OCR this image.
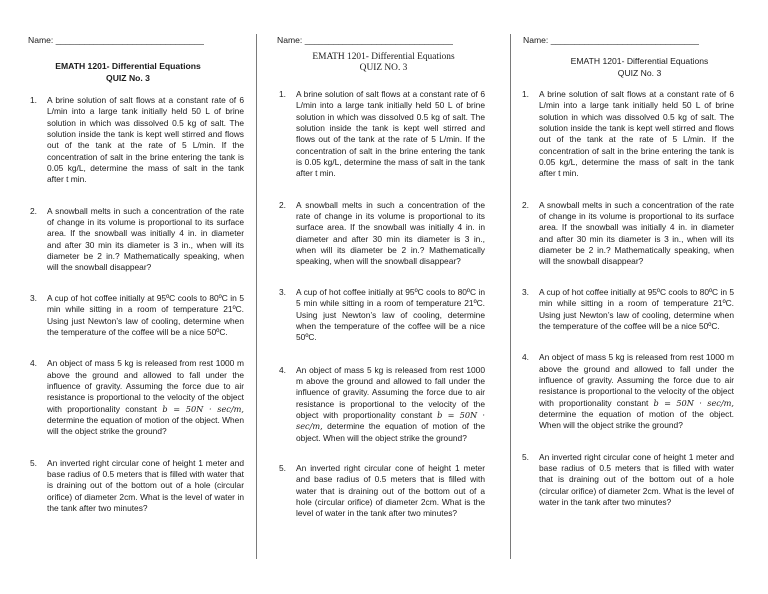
Name: _______________________________
EMATH 1201- Differential Equations
QUIZ No. 3
1. A brine solution of salt flows at a constant rate of 6 L/min into a large tank initially held 50 L of brine solution in which was dissolved 0.5 kg of salt. The solution inside the tank is kept well stirred and flows out of the tank at the rate of 5 L/min. If the concentration of salt in the brine entering the tank is 0.05 kg/L, determine the mass of salt in the tank after t min.
2. A snowball melts in such a concentration of the rate of change in its volume is proportional to its surface area. If the snowball was initially 4 in. in diameter and after 30 min its diameter is 3 in., when will its diameter be 2 in.? Mathematically speaking, when will the snowball disappear?
3. A cup of hot coffee initially at 95ºC cools to 80ºC in 5 min while sitting in a room of temperature 21ºC. Using just Newton’s law of cooling, determine when the temperature of the coffee will be a nice 50ºC.
4. An object of mass 5 kg is released from rest 1000 m above the ground and allowed to fall under the influence of gravity. Assuming the force due to air resistance is proportional to the velocity of the object with proportionality constant b = 50N · sec/m, determine the equation of motion of the object. When will the object strike the ground?
5. An inverted right circular cone of height 1 meter and base radius of 0.5 meters that is filled with water that is draining out of the bottom out of a hole (circular orifice) of diameter 2cm. What is the level of water in the tank after two minutes?
Name: _______________________________
EMATH 1201- Differential Equations
QUIZ NO. 3
1. A brine solution of salt flows at a constant rate of 6 L/min into a large tank initially held 50 L of brine solution in which was dissolved 0.5 kg of salt. The solution inside the tank is kept well stirred and flows out of the tank at the rate of 5 L/min. If the concentration of salt in the brine entering the tank is 0.05 kg/L, determine the mass of salt in the tank after t min.
2. A snowball melts in such a concentration of the rate of change in its volume is proportional to its surface area. If the snowball was initially 4 in. in diameter and after 30 min its diameter is 3 in., when will its diameter be 2 in.? Mathematically speaking, when will the snowball disappear?
3. A cup of hot coffee initially at 95ºC cools to 80ºC in 5 min while sitting in a room of temperature 21ºC. Using just Newton’s law of cooling, determine when the temperature of the coffee will be a nice 50ºC.
4. An object of mass 5 kg is released from rest 1000 m above the ground and allowed to fall under the influence of gravity. Assuming the force due to air resistance is proportional to the velocity of the object with proportionality constant b = 50N · sec/m, determine the equation of motion of the object. When will the object strike the ground?
5. An inverted right circular cone of height 1 meter and base radius of 0.5 meters that is filled with water that is draining out of the bottom out of a hole (circular orifice) of diameter 2cm. What is the level of water in the tank after two minutes?
Name: _______________________________
EMATH 1201- Differential Equations
QUIZ No. 3
1. A brine solution of salt flows at a constant rate of 6 L/min into a large tank initially held 50 L of brine solution in which was dissolved 0.5 kg of salt. The solution inside the tank is kept well stirred and flows out of the tank at the rate of 5 L/min. If the concentration of salt in the brine entering the tank is 0.05 kg/L, determine the mass of salt in the tank after t min.
2. A snowball melts in such a concentration of the rate of change in its volume is proportional to its surface area. If the snowball was initially 4 in. in diameter and after 30 min its diameter is 3 in., when will its diameter be 2 in.? Mathematically speaking, when will the snowball disappear?
3. A cup of hot coffee initially at 95ºC cools to 80ºC in 5 min while sitting in a room of temperature 21ºC. Using just Newton’s law of cooling, determine when the temperature of the coffee will be a nice 50ºC.
4. An object of mass 5 kg is released from rest 1000 m above the ground and allowed to fall under the influence of gravity. Assuming the force due to air resistance is proportional to the velocity of the object with proportionality constant b = 50N · sec/m, determine the equation of motion of the object. When will the object strike the ground?
5. An inverted right circular cone of height 1 meter and base radius of 0.5 meters that is filled with water that is draining out of the bottom out of a hole (circular orifice) of diameter 2cm. What is the level of water in the tank after two minutes?
